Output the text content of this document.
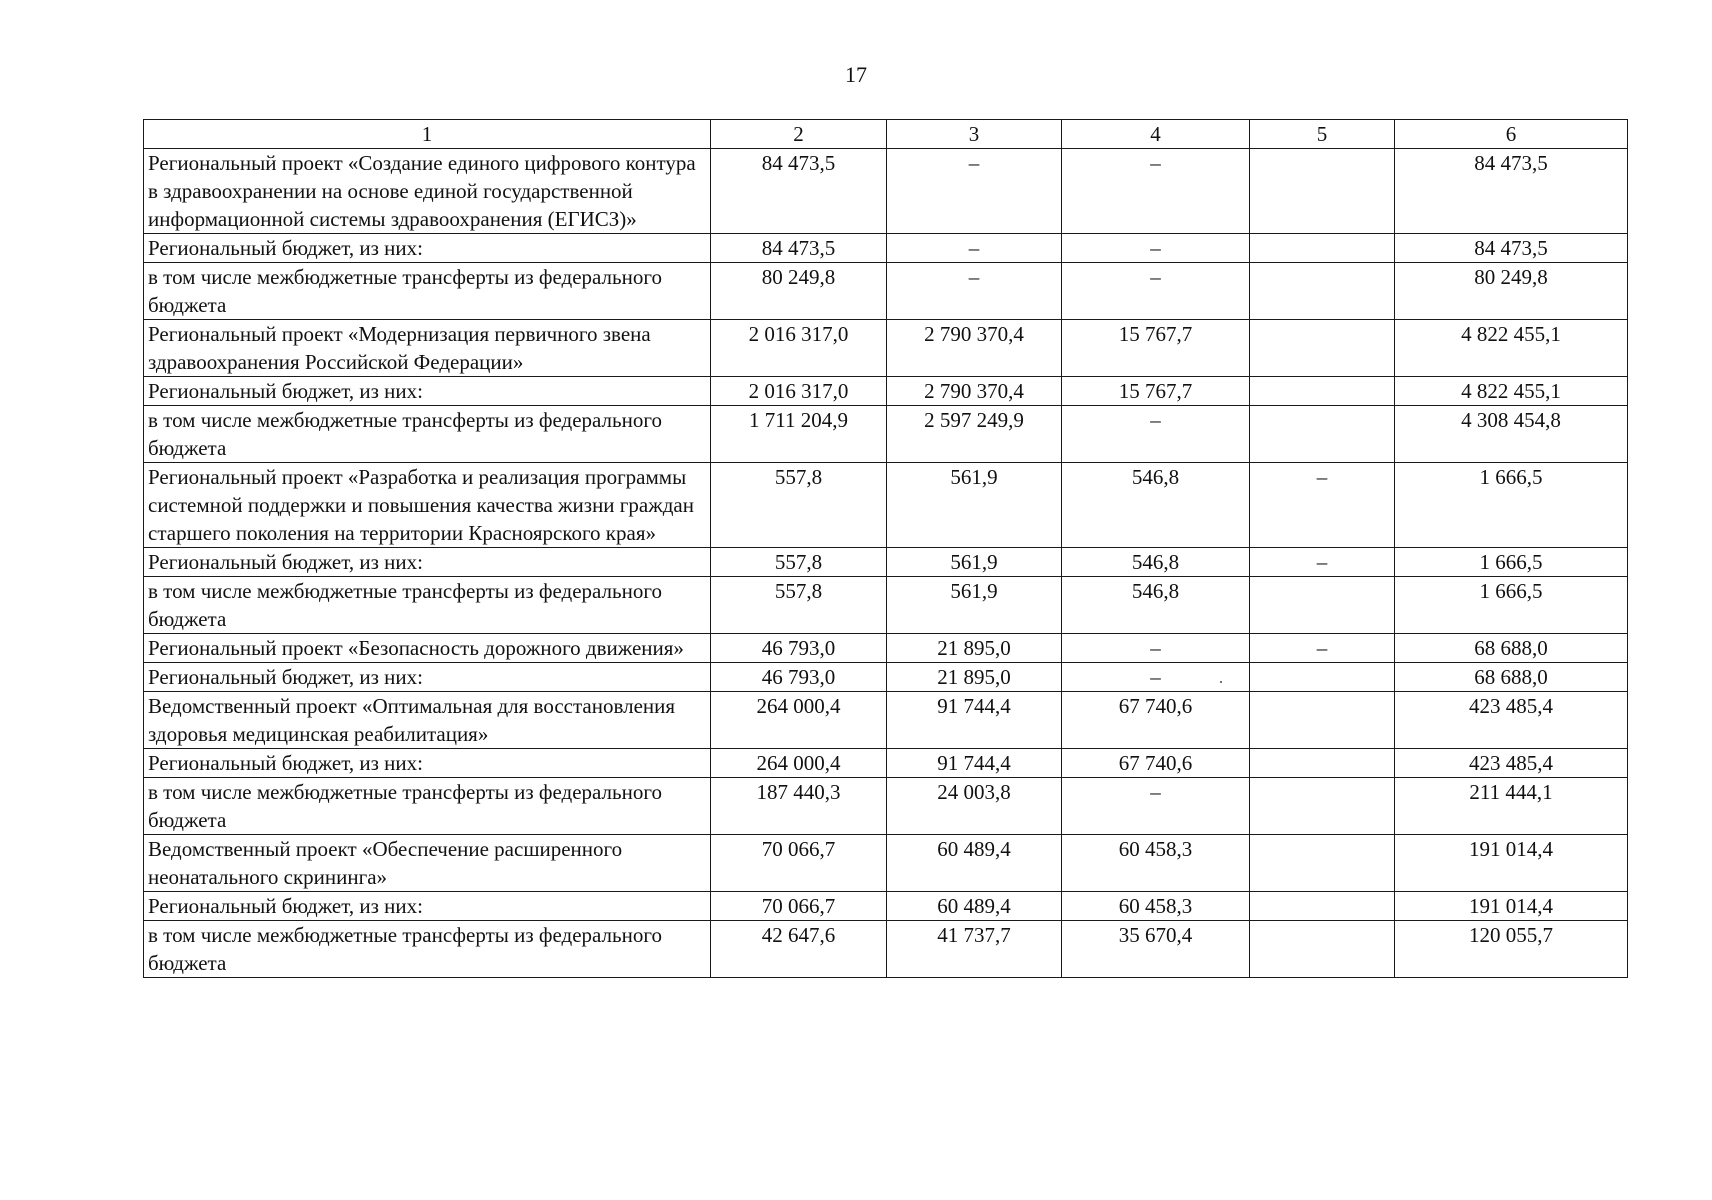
17
1	2	3	4	5	6
Региональный проект «Создание единого цифрового контура в здравоохранении на основе единой государственной информационной системы здравоохранения (ЕГИСЗ)»	84 473,5	–	–		84 473,5
Региональный бюджет, из них:	84 473,5	–	–		84 473,5
в том числе межбюджетные трансферты из федерального бюджета	80 249,8	–	–		80 249,8
Региональный проект «Модернизация первичного звена здравоохранения Российской Федерации»	2 016 317,0	2 790 370,4	15 767,7		4 822 455,1
Региональный бюджет, из них:	2 016 317,0	2 790 370,4	15 767,7		4 822 455,1
в том числе межбюджетные трансферты из федерального бюджета	1 711 204,9	2 597 249,9	–		4 308 454,8
Региональный проект «Разработка и реализация программы системной поддержки и повышения качества жизни граждан старшего поколения на территории Красноярского края»	557,8	561,9	546,8	–	1 666,5
Региональный бюджет, из них:	557,8	561,9	546,8	–	1 666,5
в том числе межбюджетные трансферты из федерального бюджета	557,8	561,9	546,8		1 666,5
Региональный проект «Безопасность дорожного движения»	46 793,0	21 895,0	–	–	68 688,0
Региональный бюджет, из них:	46 793,0	21 895,0	–		68 688,0
Ведомственный проект «Оптимальная для восстановления здоровья медицинская реабилитация»	264 000,4	91 744,4	67 740,6		423 485,4
Региональный бюджет, из них:	264 000,4	91 744,4	67 740,6		423 485,4
в том числе межбюджетные трансферты из федерального бюджета	187 440,3	24 003,8	–		211 444,1
Ведомственный проект «Обеспечение расширенного неонатального скрининга»	70 066,7	60 489,4	60 458,3		191 014,4
Региональный бюджет, из них:	70 066,7	60 489,4	60 458,3		191 014,4
в том числе межбюджетные трансферты из федерального бюджета	42 647,6	41 737,7	35 670,4		120 055,7
